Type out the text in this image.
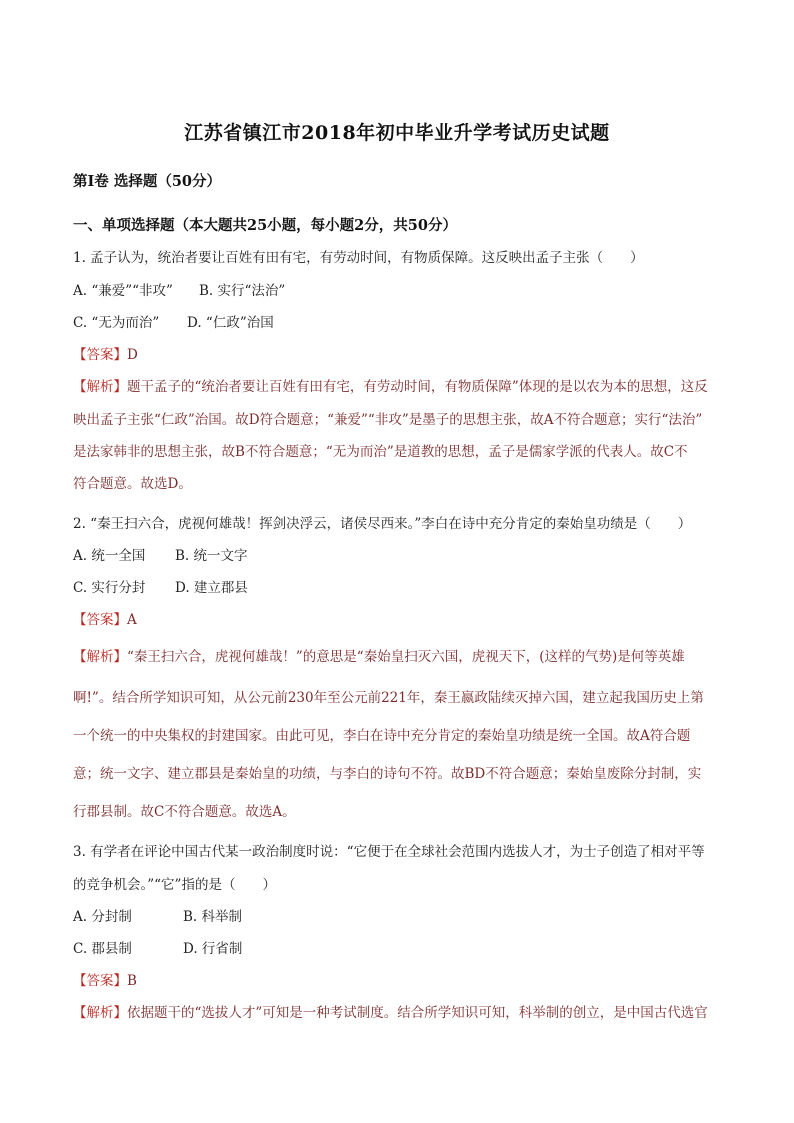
江苏省镇江市2018年初中毕业升学考试历史试题
第I卷 选择题（50分）
一、单项选择题（本大题共25小题，每小题2分，共50分）
1. 孟子认为，统治者要让百姓有田有宅，有劳动时间，有物质保障。这反映出孟子主张（　　）
A. “兼爱”“非攻” B. 实行“法治”
C. “无为而治” D. “仁政”治国
【答案】D
【解析】题干孟子的“统治者要让百姓有田有宅，有劳动时间，有物质保障”体现的是以农为本的思想，这反
映出孟子主张“仁政”治国。故D符合题意；“兼爱”“非攻”是墨子的思想主张，故A不符合题意；实行“法治”
是法家韩非的思想主张，故B不符合题意；“无为而治”是道教的思想，孟子是儒家学派的代表人。故C不
符合题意。故选D。
2. “秦王扫六合，虎视何雄哉！挥剑决浮云，诸侯尽西来。”李白在诗中充分肯定的秦始皇功绩是（　　）
A. 统一全国 B. 统一文字
C. 实行分封 D. 建立郡县
【答案】A
【解析】“秦王扫六合，虎视何雄哉！”的意思是“秦始皇扫灭六国，虎视天下，(这样的气势)是何等英雄
啊!”。结合所学知识可知，从公元前230年至公元前221年，秦王嬴政陆续灭掉六国，建立起我国历史上第
一个统一的中央集权的封建国家。由此可见，李白在诗中充分肯定的秦始皇功绩是统一全国。故A符合题
意；统一文字、建立郡县是秦始皇的功绩，与李白的诗句不符。故BD不符合题意；秦始皇废除分封制，实
行郡县制。故C不符合题意。故选A。
3. 有学者在评论中国古代某一政治制度时说：“它便于在全球社会范围内选拔人才，为士子创造了相对平等
的竞争机会。”“它”指的是（　　）
A. 分封制	B. 科举制
C. 郡县制	D. 行省制
【答案】B
【解析】依据题干的“选拔人才”可知是一种考试制度。结合所学知识可知，科举制的创立，是中国古代选官
